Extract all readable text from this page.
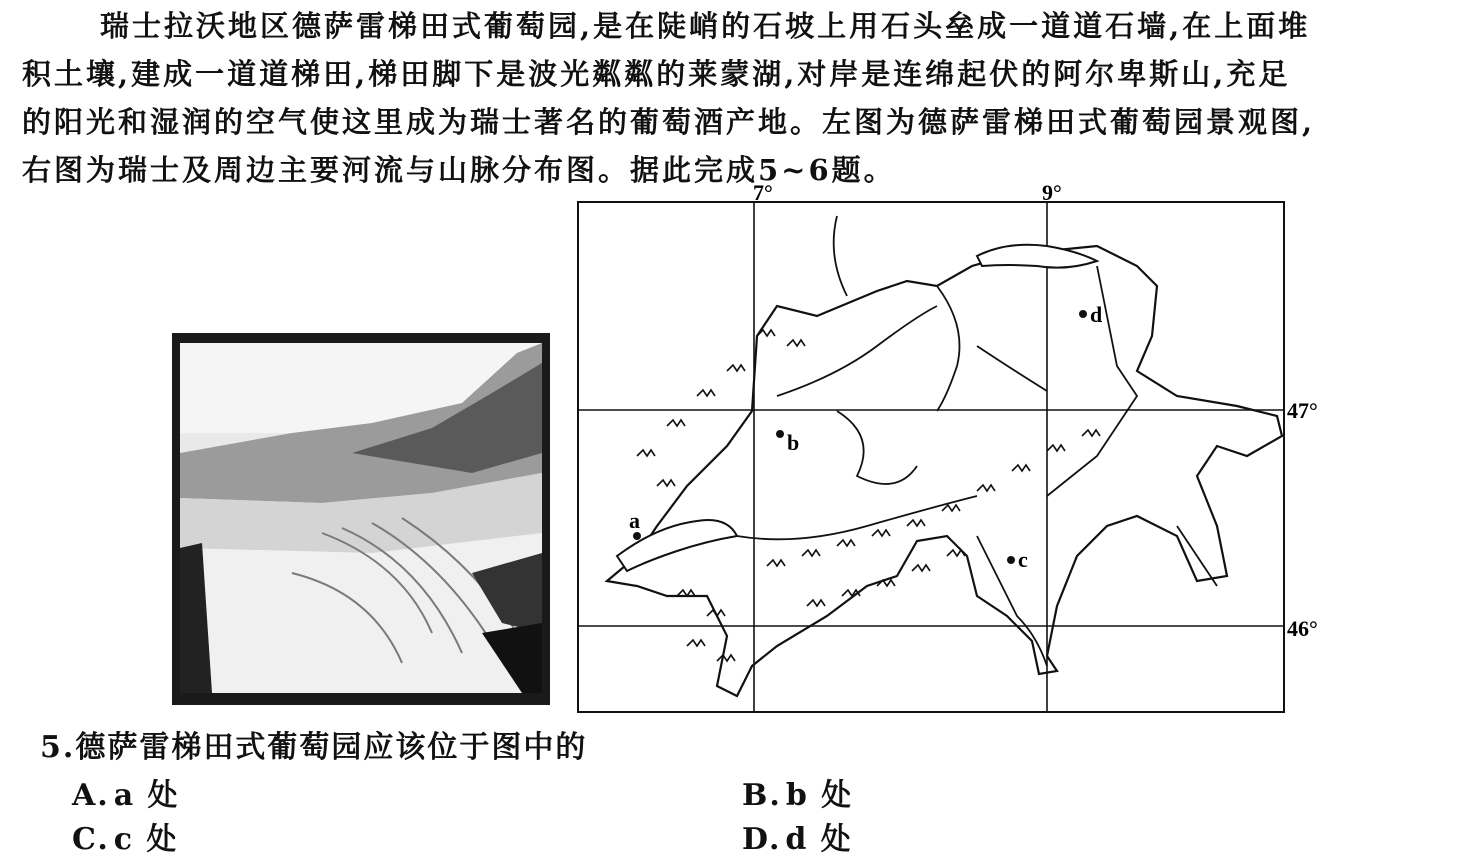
瑞士拉沃地区德萨雷梯田式葡萄园,是在陡峭的石坡上用石头垒成一道道石墙,在上面堆
积土壤,建成一道道梯田,梯田脚下是波光粼粼的莱蒙湖,对岸是连绵起伏的阿尔卑斯山,充足
的阳光和湿润的空气使这里成为瑞士著名的葡萄酒产地。左图为德萨雷梯田式葡萄园景观图,
右图为瑞士及周边主要河流与山脉分布图。据此完成5~6题。
7°	9°
47°
46°
a
b
c
d
5.德萨雷梯田式葡萄园应该位于图中的
A. a 处	B. b 处
C. c 处	D. d 处
